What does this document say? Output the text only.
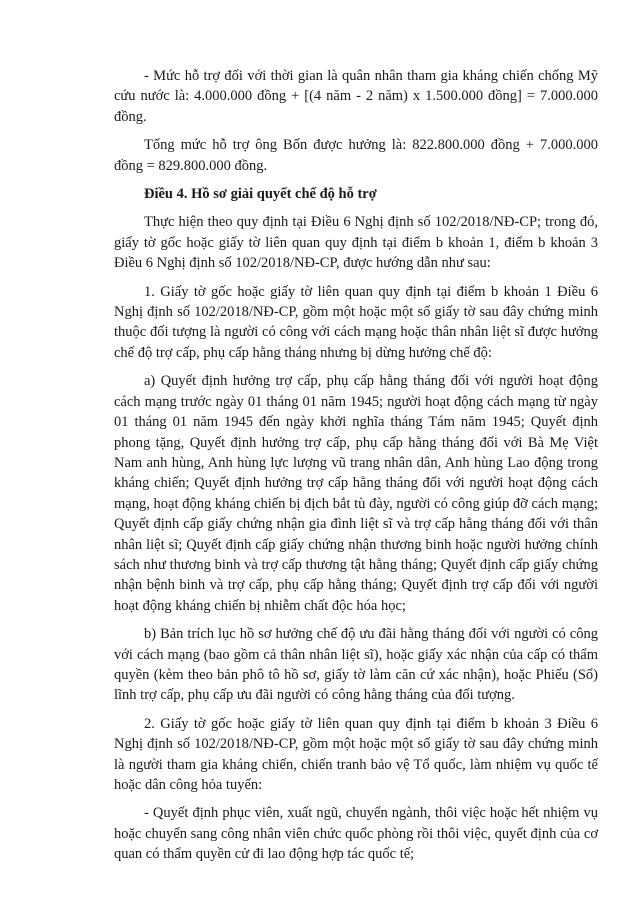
- Mức hỗ trợ đối với thời gian là quân nhân tham gia kháng chiến chống Mỹ cứu nước là: 4.000.000 đồng + [(4 năm - 2 năm) x 1.500.000 đồng] = 7.000.000 đồng.

Tổng mức hỗ trợ ông Bốn được hưởng là: 822.800.000 đồng + 7.000.000 đồng = 829.800.000 đồng.

Điều 4. Hồ sơ giải quyết chế độ hỗ trợ

Thực hiện theo quy định tại Điều 6 Nghị định số 102/2018/NĐ-CP; trong đó, giấy tờ gốc hoặc giấy tờ liên quan quy định tại điểm b khoản 1, điểm b khoản 3 Điều 6 Nghị định số 102/2018/NĐ-CP, được hướng dẫn như sau:

1. Giấy tờ gốc hoặc giấy tờ liên quan quy định tại điểm b khoản 1 Điều 6 Nghị định số 102/2018/NĐ-CP, gồm một hoặc một số giấy tờ sau đây chứng minh thuộc đối tượng là người có công với cách mạng hoặc thân nhân liệt sĩ được hưởng chế độ trợ cấp, phụ cấp hằng tháng nhưng bị dừng hưởng chế độ:

a) Quyết định hưởng trợ cấp, phụ cấp hằng tháng đối với người hoạt động cách mạng trước ngày 01 tháng 01 năm 1945; người hoạt động cách mạng từ ngày 01 tháng 01 năm 1945 đến ngày khởi nghĩa tháng Tám năm 1945; Quyết định phong tặng, Quyết định hưởng trợ cấp, phụ cấp hằng tháng đối với Bà Mẹ Việt Nam anh hùng, Anh hùng lực lượng vũ trang nhân dân, Anh hùng Lao động trong kháng chiến; Quyết định hưởng trợ cấp hằng tháng đối với người hoạt động cách mạng, hoạt động kháng chiến bị địch bắt tù đày, người có công giúp đỡ cách mạng; Quyết định cấp giấy chứng nhận gia đình liệt sĩ và trợ cấp hằng tháng đối với thân nhân liệt sĩ; Quyết định cấp giấy chứng nhận thương binh hoặc người hưởng chính sách như thương binh và trợ cấp thương tật hằng tháng; Quyết định cấp giấy chứng nhận bệnh binh và trợ cấp, phụ cấp hằng tháng; Quyết định trợ cấp đối với người hoạt động kháng chiến bị nhiễm chất độc hóa học;

b) Bản trích lục hồ sơ hưởng chế độ ưu đãi hằng tháng đối với người có công với cách mạng (bao gồm cả thân nhân liệt sĩ), hoặc giấy xác nhận của cấp có thẩm quyền (kèm theo bản phô tô hồ sơ, giấy tờ làm căn cứ xác nhận), hoặc Phiếu (Sổ) lĩnh trợ cấp, phụ cấp ưu đãi người có công hằng tháng của đối tượng.

2. Giấy tờ gốc hoặc giấy tờ liên quan quy định tại điểm b khoản 3 Điều 6 Nghị định số 102/2018/NĐ-CP, gồm một hoặc một số giấy tờ sau đây chứng minh là người tham gia kháng chiến, chiến tranh bảo vệ Tổ quốc, làm nhiệm vụ quốc tế hoặc dân công hỏa tuyến:

- Quyết định phục viên, xuất ngũ, chuyển ngành, thôi việc hoặc hết nhiệm vụ hoặc chuyển sang công nhân viên chức quốc phòng rồi thôi việc, quyết định của cơ quan có thẩm quyền cử đi lao động hợp tác quốc tế;
